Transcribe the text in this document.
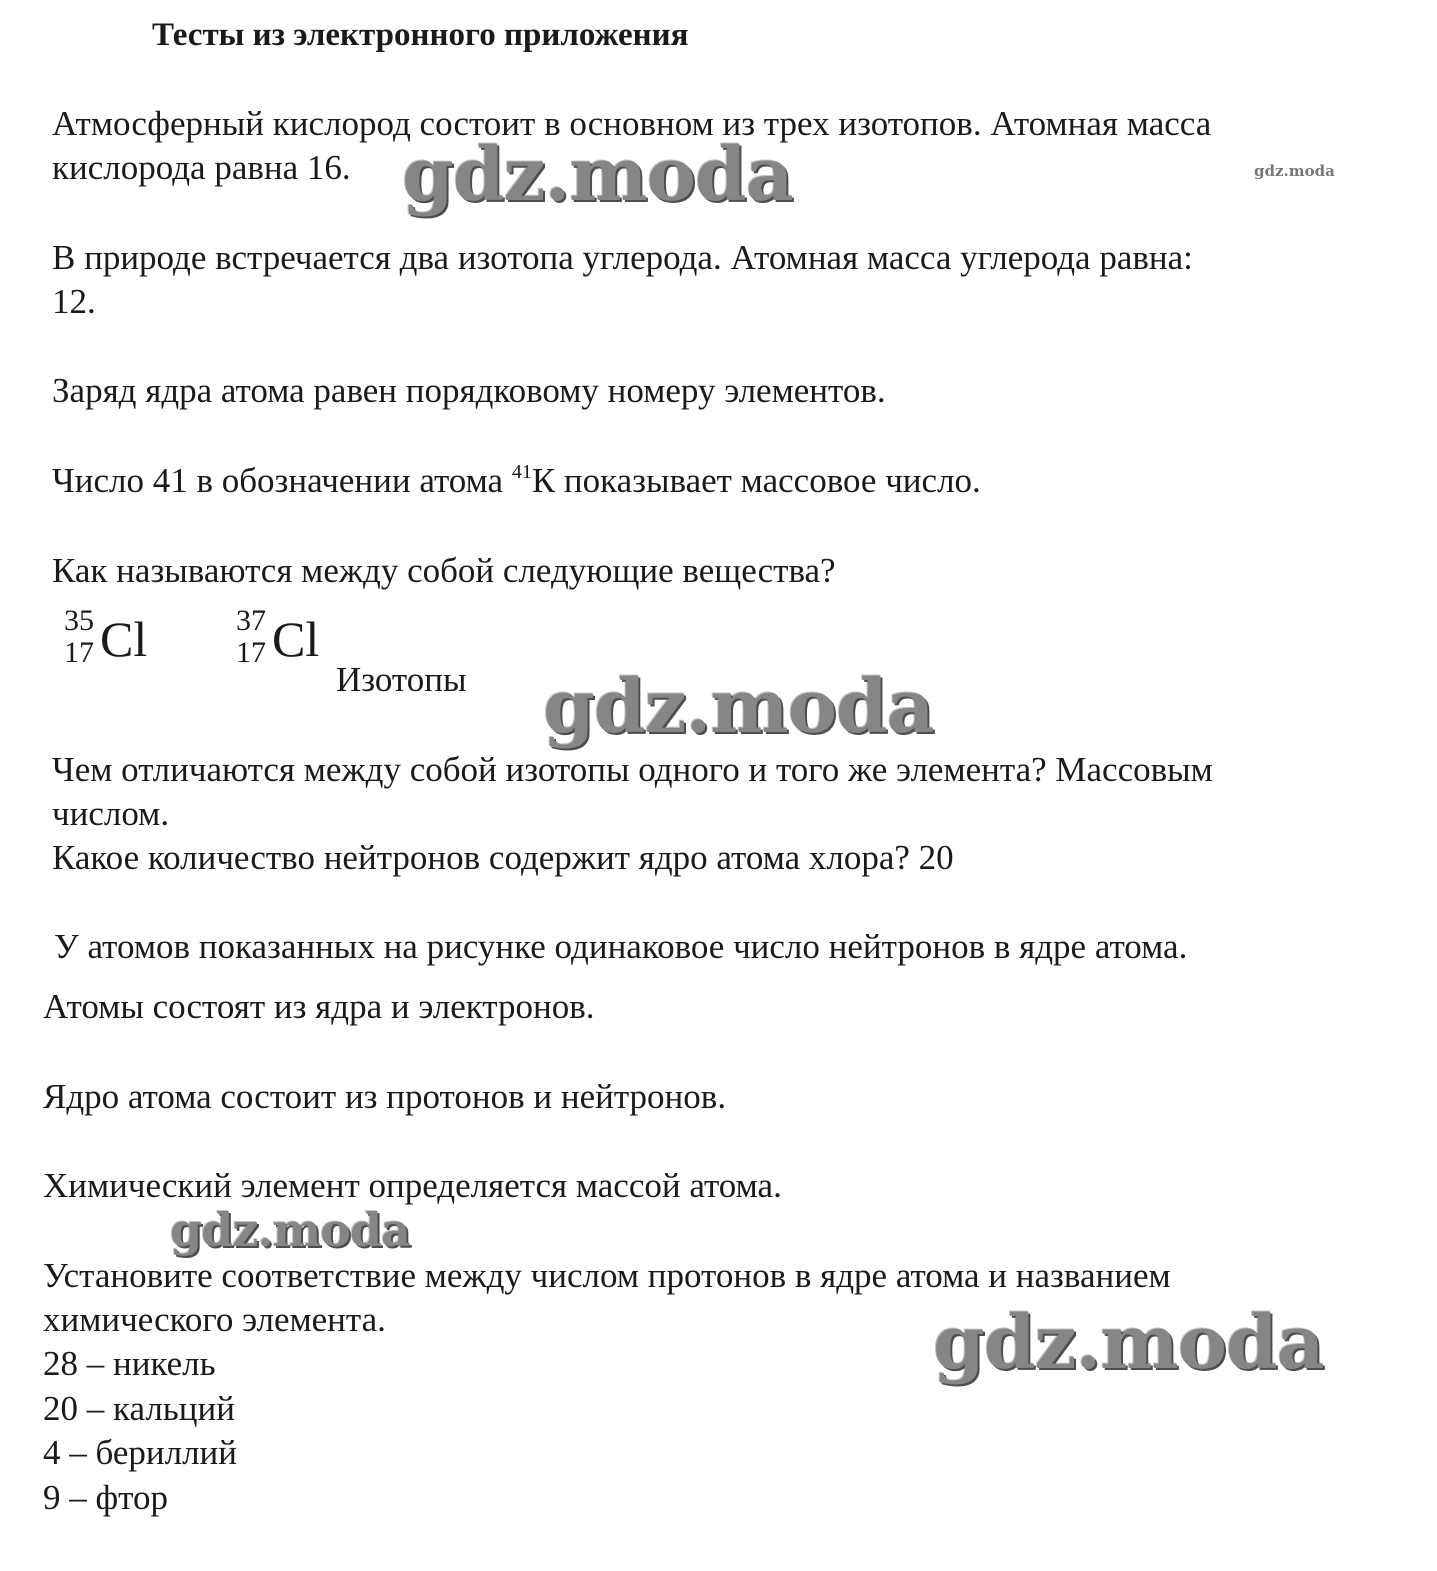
Тесты из электронного приложения
Атмосферный кислород состоит в основном из трех изотопов. Атомная масса
кислорода равна 16.
В природе встречается два изотопа углерода. Атомная масса углерода равна:
12.
Заряд ядра атома равен порядковому номеру элементов.
Число 41 в обозначении атома $^{41}$К показывает массовое число.
Как называются между собой следующие вещества?
35
17 Cl	37
17 Cl
Изотопы
Чем отличаются между собой изотопы одного и того же элемента? Массовым
числом.
Какое количество нейтронов содержит ядро атома хлора? 20
У атомов показанных на рисунке одинаковое число нейтронов в ядре атома.
Атомы состоят из ядра и электронов.
Ядро атома состоит из протонов и нейтронов.
Химический элемент определяется массой атома.
Установите соответствие между числом протонов в ядре атома и названием
химического элемента.
28 – никель
20 – кальций
4 – бериллий
9 – фтор
gdz.moda	gdz.moda
gdz.moda
gdz.moda
gdz.moda
